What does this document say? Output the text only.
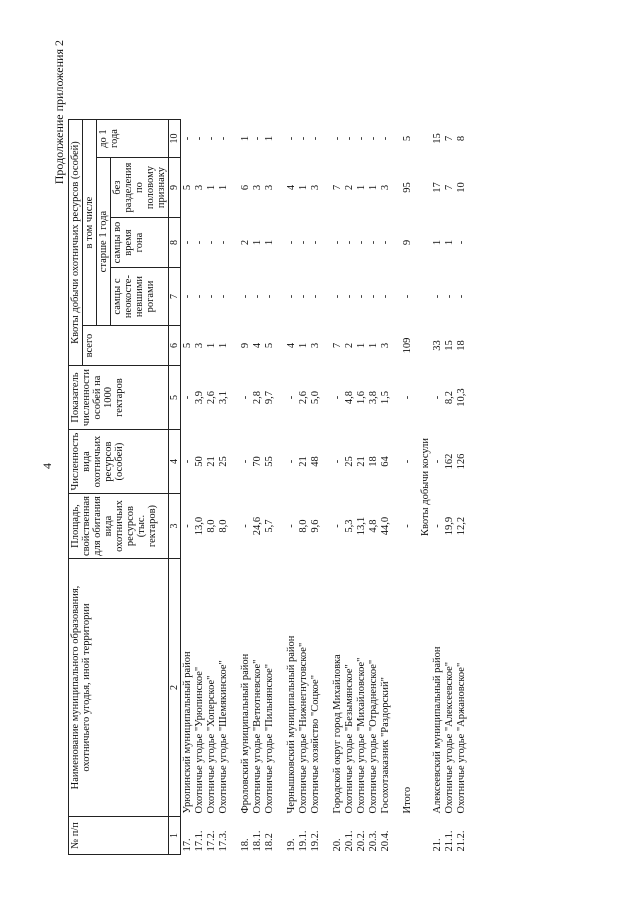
4
Продолжение приложения 2
№ п/п	Наименование муниципального образования, охотничьего угодья, иной территории	Площадь, свойственная для обитания вида охотничьих ресурсов (тыс. гектаров)	Численность вида охотничьих ресурсов (особей)	Показатель численности особей на 1000 гектаров	Квоты добычи охотничьих ресурсов (особей)				
					всего	в том числе			
						старше 1 года			до 1 года
						самцы с неокосте-невшими рогами	самцы во время гона	без разделения по половому признаку	
1	2	3	4	5	6	7	8	9	10
17.	Урюпинский муниципальный район	-	-	-	5	-	-	5	-
17.1.	Охотничье угодье "Урюпинское"	13,0	50	3,9	3	-	-	3	-
17.2.	Охотничье угодье "Хоперское"	8,0	21	2,6	1	-	-	1	-
17.3.	Охотничье угодье "Шемякинское"	8,0	25	3,1	1	-	-	1	-

18.	Фроловский муниципальный район	-	-	-	9	-	2	6	1
18.1.	Охотничье угодье "Ветютневское"	24,6	70	2,8	4	-	1	3	-
18.2	Охотничье угодье "Пильнянское"	5,7	55	9,7	5	-	1	3	1

19.	Чернышковский муниципальный район	-	-	-	4	-	-	4	-
19.1.	Охотничье угодье "Нижнегнутовское"	8,0	21	2,6	1	-	-	1	-
19.2.	Охотничье хозяйство "Соцкое"	9,6	48	5,0	3	-	-	3	-

20.	Городской округ город Михайловка	-	-	-	7	-	-	7	-
20.1.	Охотничье угодье "Безымянское"	5,3	25	4,8	2	-	-	2	-
20.2.	Охотничье угодье "Михайловское"	13,1	21	1,6	1	-	-	1	-
20.3.	Охотничье угодье "Отрадненское"	4,8	18	3,8	1	-	-	1	-
20.4.	Госохотзаказник "Раздорский"	44,0	64	1,5	3	-	-	3	-

	Итого	-	-	-	109	-	9	95	5
Квоты добычи косули									
21.	Алексеевский муниципальный район	-	-	-	33	-	1	17	15
21.1.	Охотничье угодье "Алексеевское"	19,9	162	8,2	15	-	1	7	7
21.2.	Охотничье угодье "Аржановское"	12,2	126	10,3	18	-	-	10	8
